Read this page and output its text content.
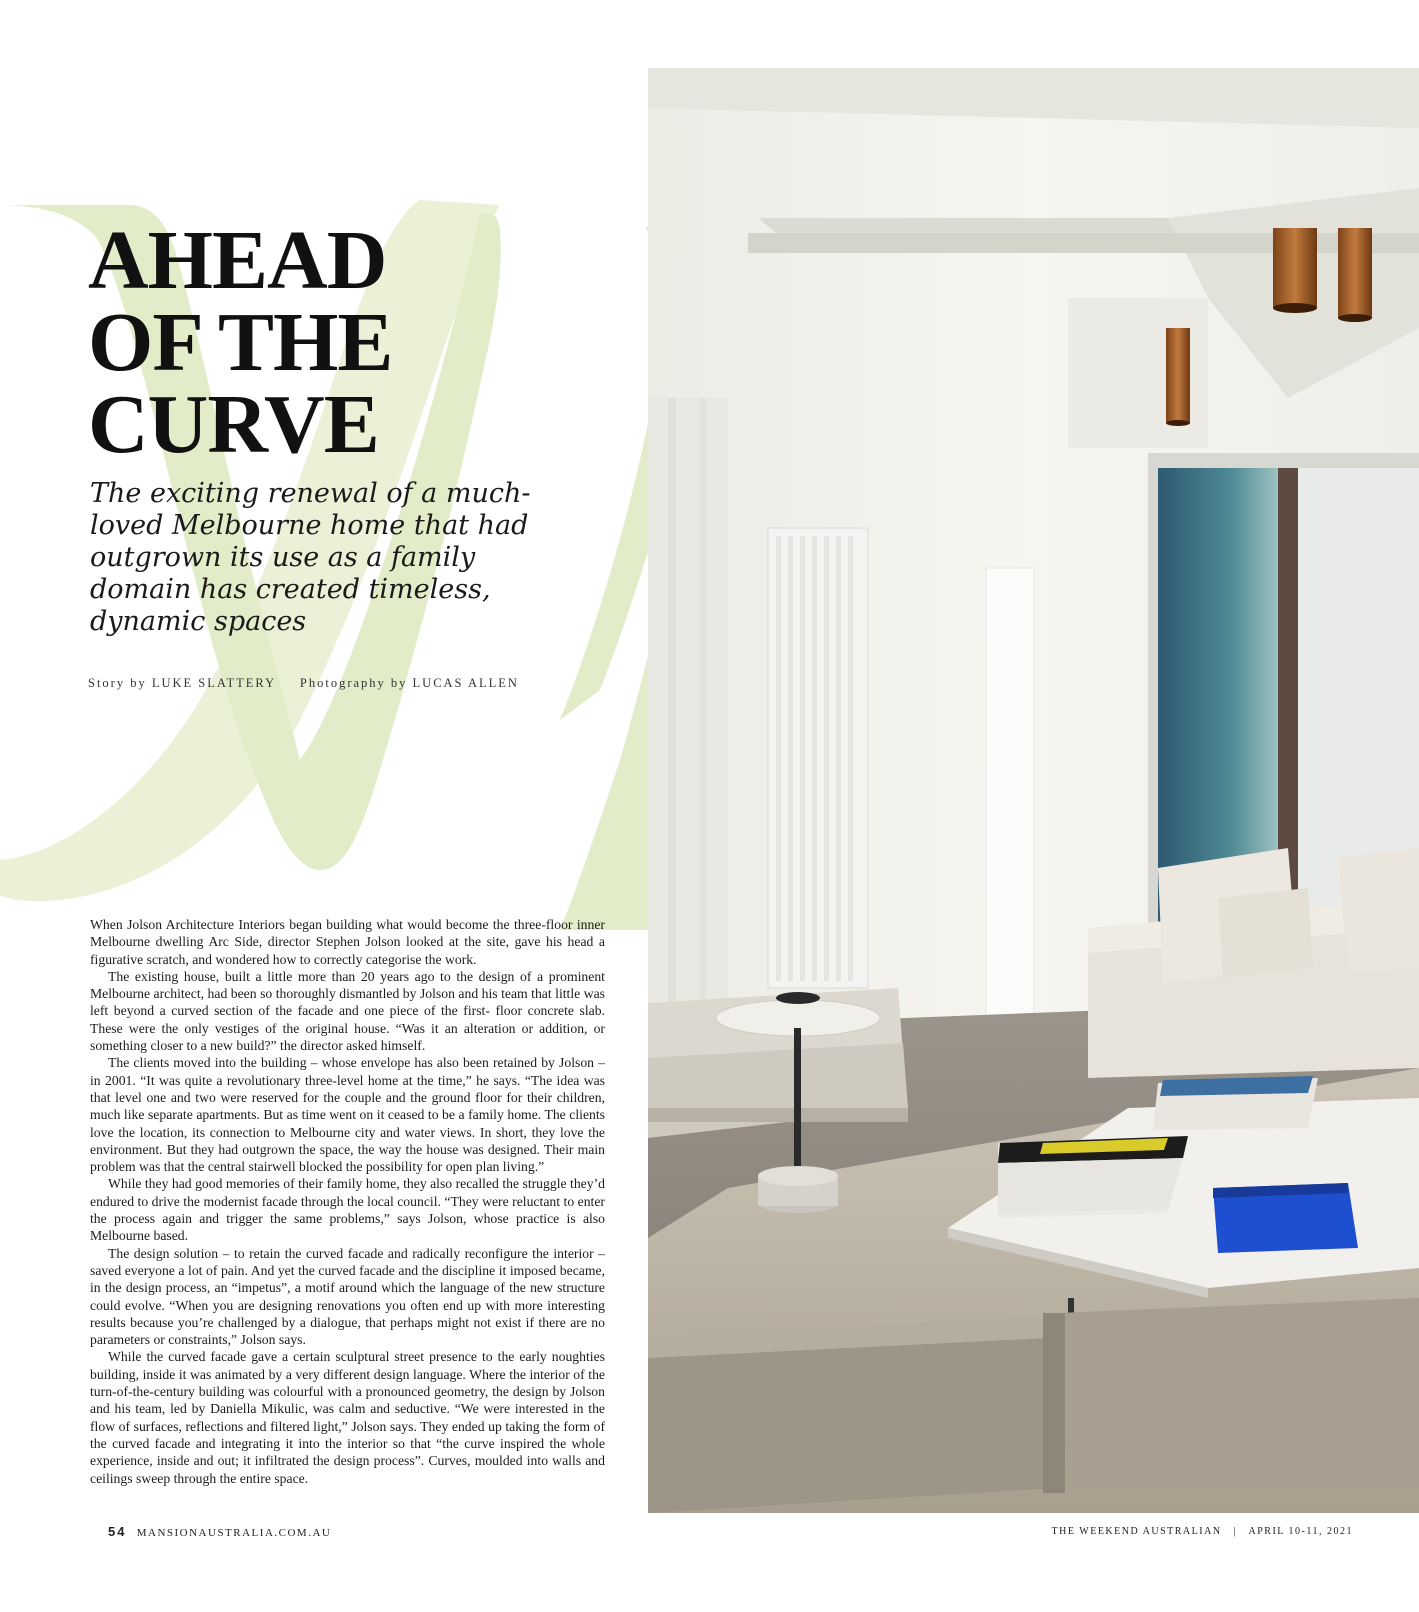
AHEAD
OF THE
CURVE

The exciting renewal of a much-loved Melbourne home that had outgrown its use as a family domain has created timeless, dynamic spaces

Story by LUKE SLATTERY Photography by LUCAS ALLEN

When Jolson Architecture Interiors began building what would become the three-floor inner Melbourne dwelling Arc Side, director Stephen Jolson looked at the site, gave his head a figurative scratch, and wondered how to correctly categorise the work.

The existing house, built a little more than 20 years ago to the design of a prominent Melbourne architect, had been so thoroughly dismantled by Jolson and his team that little was left beyond a curved section of the facade and one piece of the first- floor concrete slab. These were the only vestiges of the original house. “Was it an alteration or addition, or something closer to a new build?” the director asked himself.

The clients moved into the building – whose envelope has also been retained by Jolson – in 2001. “It was quite a revolutionary three-level home at the time,” he says. “The idea was that level one and two were reserved for the couple and the ground floor for their children, much like separate apartments. But as time went on it ceased to be a family home. The clients love the location, its connection to Melbourne city and water views. In short, they love the environment. But they had outgrown the space, the way the house was designed. Their main problem was that the central stairwell blocked the possibility for open plan living.”

While they had good memories of their family home, they also recalled the struggle they’d endured to drive the modernist facade through the local council. “They were reluctant to enter the process again and trigger the same problems,” says Jolson, whose practice is also Melbourne based.

The design solution – to retain the curved facade and radically reconfigure the interior – saved everyone a lot of pain. And yet the curved facade and the discipline it imposed became, in the design process, an “impetus”, a motif around which the language of the new structure could evolve. “When you are designing renovations you often end up with more interesting results because you’re challenged by a dialogue, that perhaps might not exist if there are no parameters or constraints,” Jolson says.

While the curved facade gave a certain sculptural street presence to the early noughties building, inside it was animated by a very different design language. Where the interior of the turn-of-the-century building was colourful with a pronounced geometry, the design by Jolson and his team, led by Daniella Mikulic, was calm and seductive. “We were interested in the flow of surfaces, reflections and filtered light,” Jolson says. They ended up taking the form of the curved facade and integrating it into the interior so that “the curve inspired the whole experience, inside and out; it infiltrated the design process”. Curves, moulded into walls and ceilings sweep through the entire space.

54 MANSIONAUSTRALIA.COM.AU	THE WEEKEND AUSTRALIAN | APRIL 10-11, 2021
